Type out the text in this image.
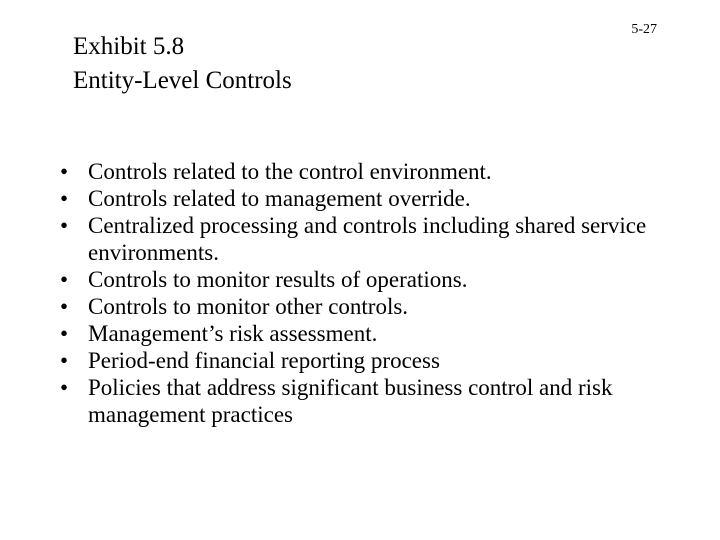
5-27
Exhibit 5.8
Entity-Level Controls
• Controls related to the control environment.
• Controls related to management override.
• Centralized processing and controls including shared service environments.
• Controls to monitor results of operations.
• Controls to monitor other controls.
• Management’s risk assessment.
• Period-end financial reporting process
• Policies that address significant business control and risk management practices
